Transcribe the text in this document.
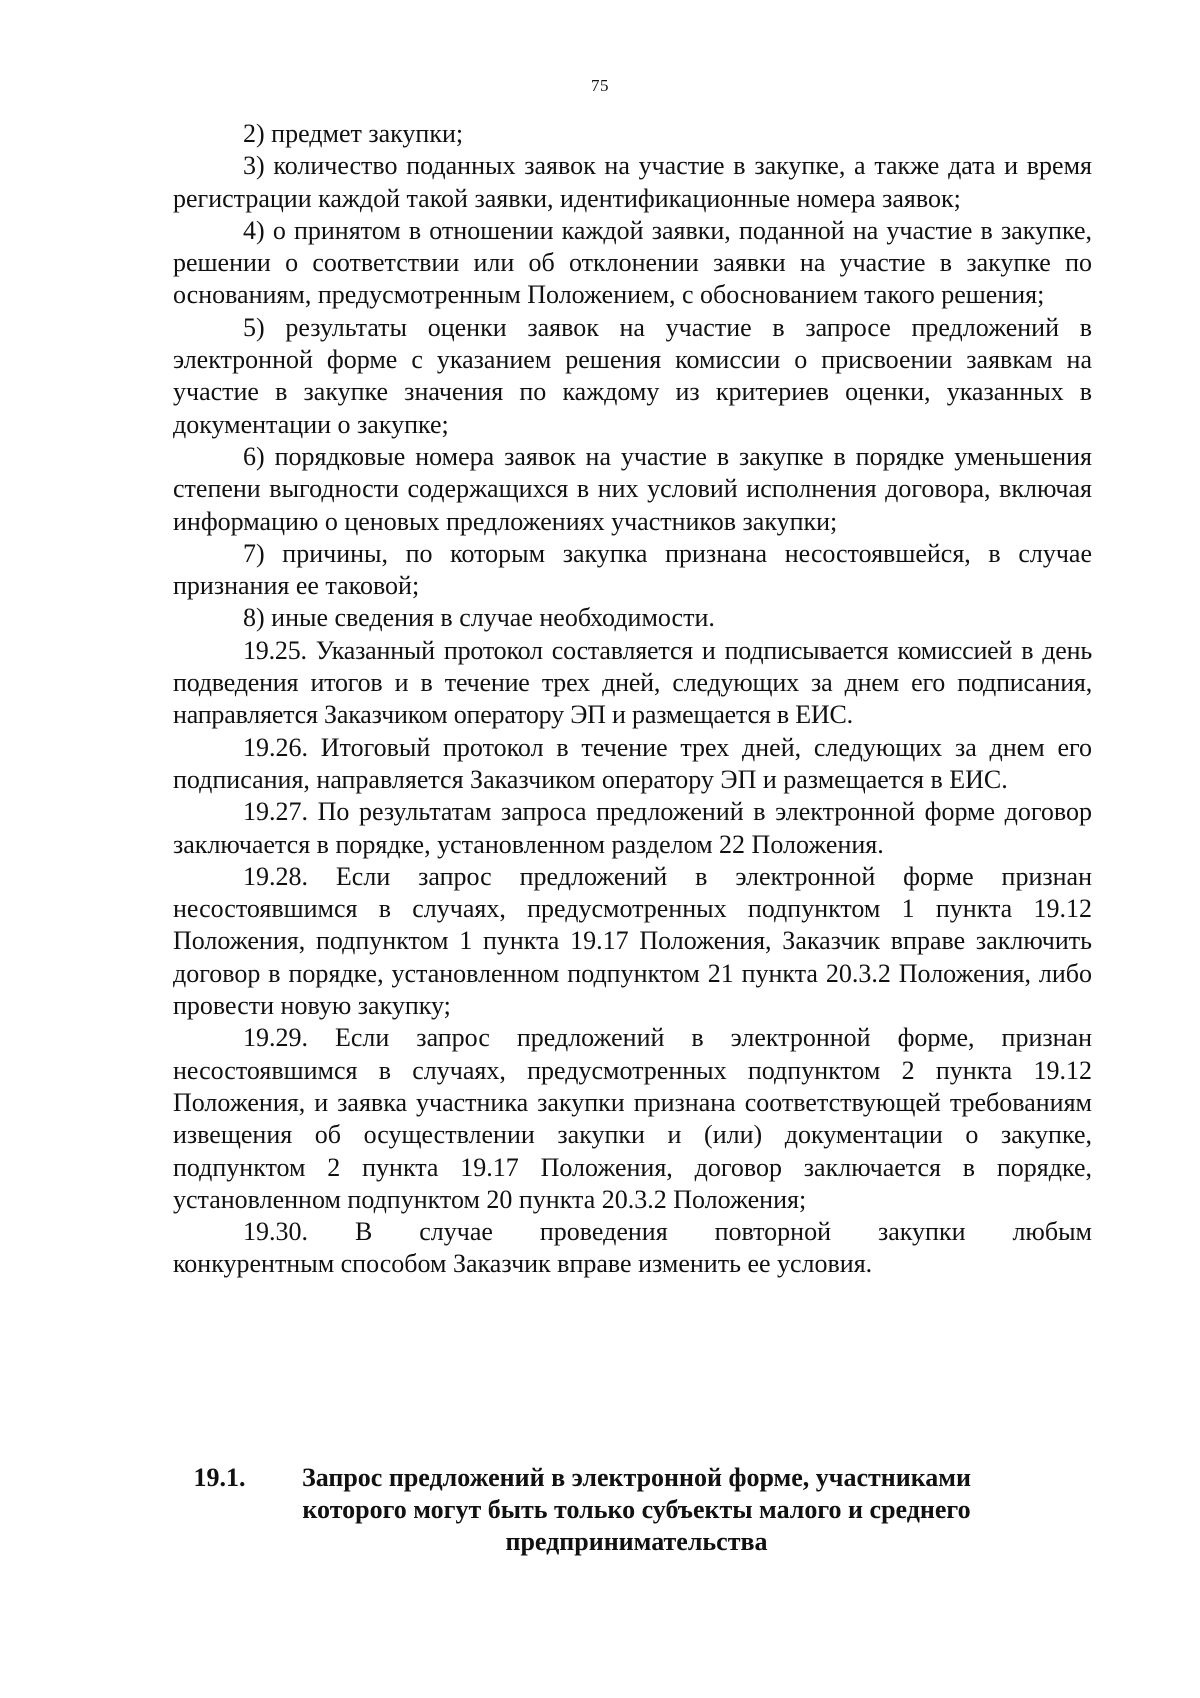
75

2) предмет закупки;

3) количество поданных заявок на участие в закупке, а также дата и время регистрации каждой такой заявки, идентификационные номера заявок;

4) о принятом в отношении каждой заявки, поданной на участие в закупке, решении о соответствии или об отклонении заявки на участие в закупке по основаниям, предусмотренным Положением, с обоснованием такого решения;

5) результаты оценки заявок на участие в запросе предложений в электронной форме с указанием решения комиссии о присвоении заявкам на участие в закупке значения по каждому из критериев оценки, указанных в документации о закупке;

6) порядковые номера заявок на участие в закупке в порядке уменьшения степени выгодности содержащихся в них условий исполнения договора, включая информацию о ценовых предложениях участников закупки;

7) причины, по которым закупка признана несостоявшейся, в случае признания ее таковой;

8) иные сведения в случае необходимости.

19.25. Указанный протокол составляется и подписывается комиссией в день подведения итогов и в течение трех дней, следующих за днем его подписания, направляется Заказчиком оператору ЭП и размещается в ЕИС.

19.26. Итоговый протокол в течение трех дней, следующих за днем его подписания, направляется Заказчиком оператору ЭП и размещается в ЕИС.

19.27. По результатам запроса предложений в электронной форме договор заключается в порядке, установленном разделом 22 Положения.

19.28. Если запрос предложений в электронной форме признан несостоявшимся в случаях, предусмотренных подпунктом 1 пункта 19.12 Положения, подпунктом 1 пункта 19.17 Положения, Заказчик вправе заключить договор в порядке, установленном подпунктом 21 пункта 20.3.2 Положения, либо провести новую закупку;

19.29. Если запрос предложений в электронной форме, признан несостоявшимся в случаях, предусмотренных подпунктом 2 пункта 19.12 Положения, и заявка участника закупки признана соответствующей требованиям извещения об осуществлении закупки и (или) документации о закупке, подпунктом 2 пункта 19.17 Положения, договор заключается в порядке, установленном подпунктом 20 пункта 20.3.2 Положения;

19.30. В случае проведения повторной закупки любым

конкурентным способом Заказчик вправе изменить ее условия.

19.1.	Запрос предложений в электронной форме, участниками
которого могут быть только субъекты малого и среднего
предпринимательства
